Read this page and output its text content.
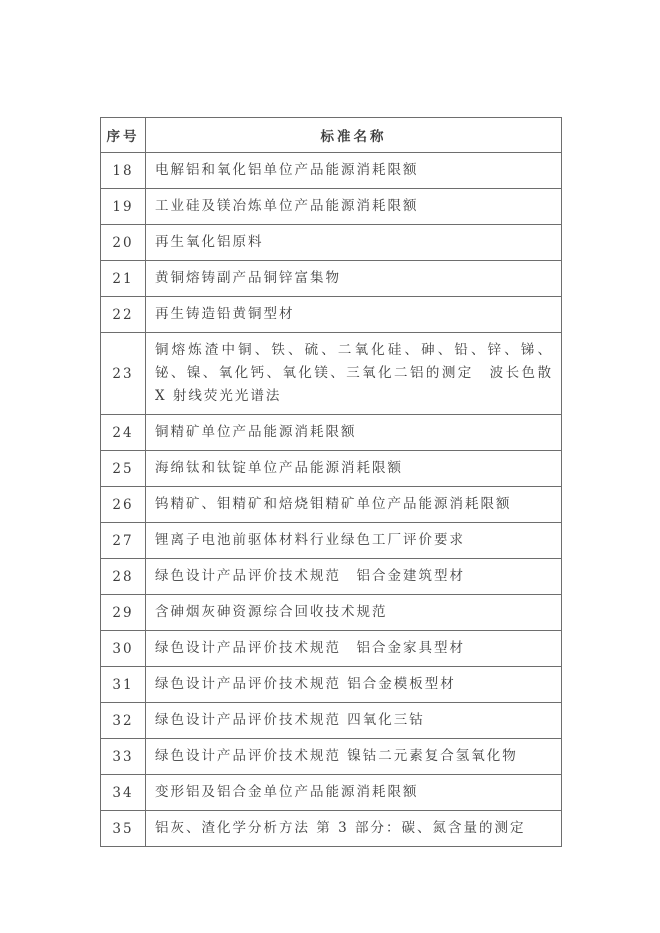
序号	标准名称
18	电解铝和氧化铝单位产品能源消耗限额
19	工业硅及镁冶炼单位产品能源消耗限额
20	再生氧化铝原料
21	黄铜熔铸副产品铜锌富集物
22	再生铸造铅黄铜型材
23	铜熔炼渣中铜、铁、硫、二氧化硅、砷、铅、锌、锑、铋、镍、氧化钙、氧化镁、三氧化二铝的测定　波长色散 X 射线荧光光谱法
24	铜精矿单位产品能源消耗限额
25	海绵钛和钛锭单位产品能源消耗限额
26	钨精矿、钼精矿和焙烧钼精矿单位产品能源消耗限额
27	锂离子电池前驱体材料行业绿色工厂评价要求
28	绿色设计产品评价技术规范　铝合金建筑型材
29	含砷烟灰砷资源综合回收技术规范
30	绿色设计产品评价技术规范　铝合金家具型材
31	绿色设计产品评价技术规范 铝合金模板型材
32	绿色设计产品评价技术规范 四氧化三钴
33	绿色设计产品评价技术规范 镍钴二元素复合氢氧化物
34	变形铝及铝合金单位产品能源消耗限额
35	铝灰、渣化学分析方法 第 3 部分：碳、氮含量的测定
